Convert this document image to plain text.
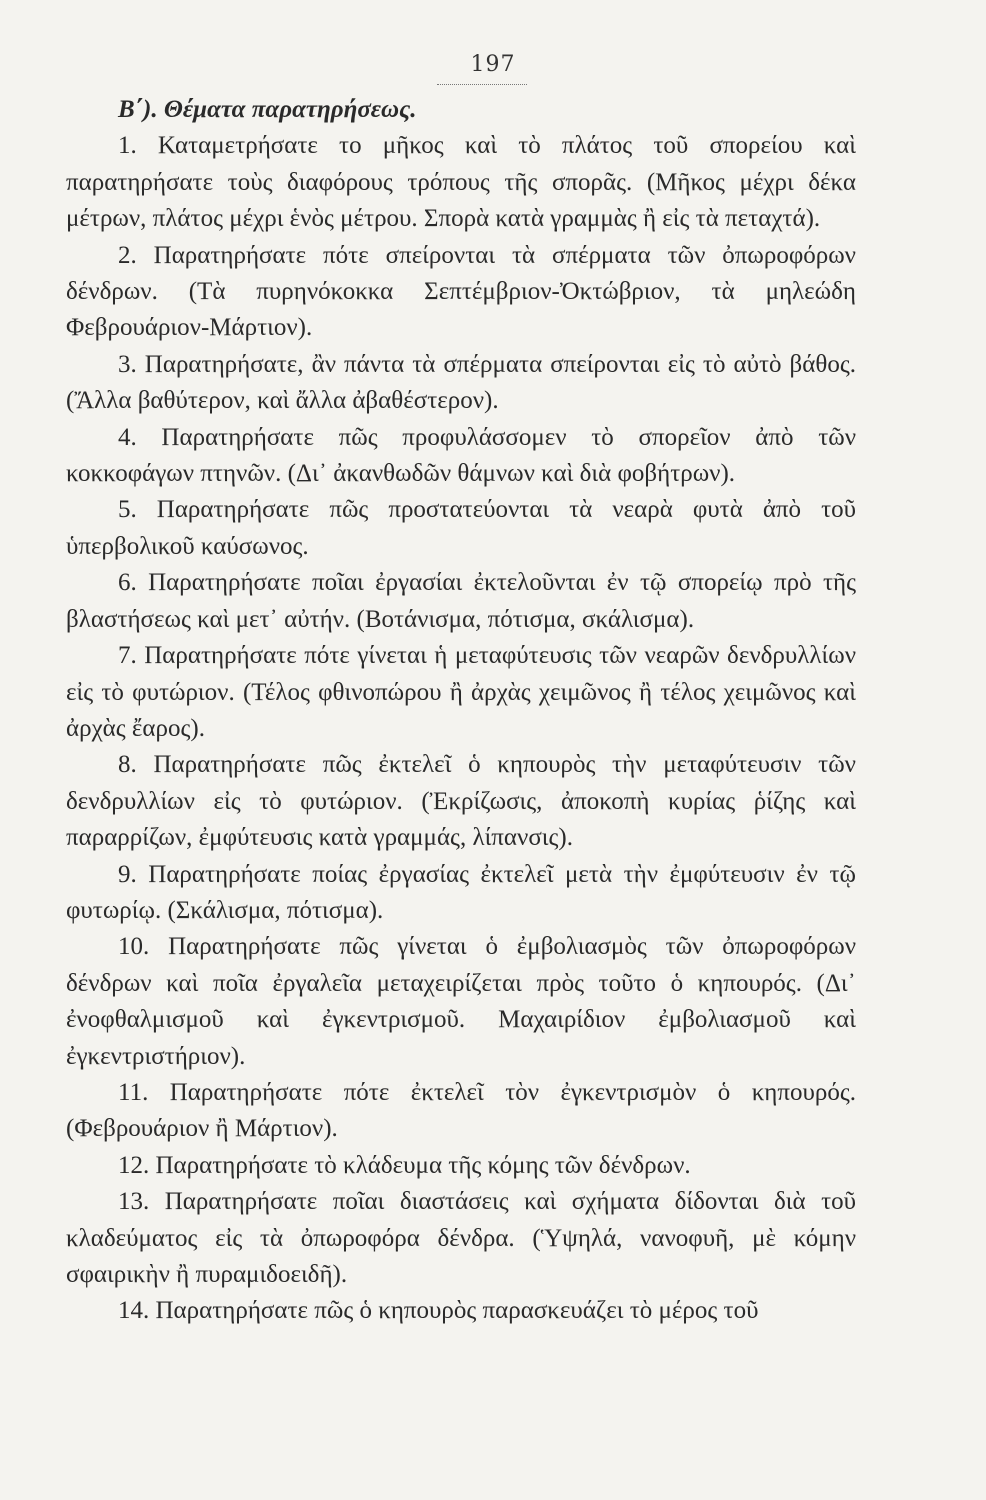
197

Β΄). Θέματα παρατηρήσεως.

1. Καταμετρήσατε το μῆκος καὶ τὸ πλάτος τοῦ σπορείου καὶ παρατηρήσατε τοὺς διαφόρους τρόπους τῆς σπορᾶς. (Μῆκος μέχρι δέκα μέτρων, πλάτος μέχρι ἑνὸς μέτρου. Σπορὰ κατὰ γραμμὰς ἢ εἰς τὰ πεταχτά).

2. Παρατηρήσατε πότε σπείρονται τὰ σπέρματα τῶν ὀπωροφόρων δένδρων. (Τὰ πυρηνόκοκκα Σεπτέμβριον-Ὀκτώβριον, τὰ μηλεώδη Φεβρουάριον-Μάρτιον).

3. Παρατηρήσατε, ἂν πάντα τὰ σπέρματα σπείρονται εἰς τὸ αὐτὸ βάθος. (Ἄλλα βαθύτερον, καὶ ἄλλα ἀβαθέστερον).

4. Παρατηρήσατε πῶς προφυλάσσομεν τὸ σπορεῖον ἀπὸ τῶν κοκκοφάγων πτηνῶν. (Δι᾽ ἀκανθωδῶν θάμνων καὶ διὰ φοβήτρων).

5. Παρατηρήσατε πῶς προστατεύονται τὰ νεαρὰ φυτὰ ἀπὸ τοῦ ὑπερβολικοῦ καύσωνος.

6. Παρατηρήσατε ποῖαι ἐργασίαι ἐκτελοῦνται ἐν τῷ σπορείῳ πρὸ τῆς βλαστήσεως καὶ μετ᾽ αὐτήν. (Βοτάνισμα, πότισμα, σκάλισμα).

7. Παρατηρήσατε πότε γίνεται ἡ μεταφύτευσις τῶν νεαρῶν δενδρυλλίων εἰς τὸ φυτώριον. (Τέλος φθινοπώρου ἢ ἀρχὰς χειμῶνος ἢ τέλος χειμῶνος καὶ ἀρχὰς ἔαρος).

8. Παρατηρήσατε πῶς ἐκτελεῖ ὁ κηπουρὸς τὴν μεταφύτευσιν τῶν δενδρυλλίων εἰς τὸ φυτώριον. (Ἐκρίζωσις, ἀποκοπὴ κυρίας ῥίζης καὶ παραρρίζων, ἐμφύτευσις κατὰ γραμμάς, λίπανσις).

9. Παρατηρήσατε ποίας ἐργασίας ἐκτελεῖ μετὰ τὴν ἐμφύτευσιν ἐν τῷ φυτωρίῳ. (Σκάλισμα, πότισμα).

10. Παρατηρήσατε πῶς γίνεται ὁ ἐμβολιασμὸς τῶν ὀπωροφόρων δένδρων καὶ ποῖα ἐργαλεῖα μεταχειρίζεται πρὸς τοῦτο ὁ κηπουρός. (Δι᾽ ἐνοφθαλμισμοῦ καὶ ἐγκεντρισμοῦ. Μαχαιρίδιον ἐμβολιασμοῦ καὶ ἐγκεντριστήριον).

11. Παρατηρήσατε πότε ἐκτελεῖ τὸν ἐγκεντρισμὸν ὁ κηπουρός. (Φεβρουάριον ἢ Μάρτιον).

12. Παρατηρήσατε τὸ κλάδευμα τῆς κόμης τῶν δένδρων.

13. Παρατηρήσατε ποῖαι διαστάσεις καὶ σχήματα δίδονται διὰ τοῦ κλαδεύματος εἰς τὰ ὀπωροφόρα δένδρα. (Ὑψηλά, νανοφυῆ, μὲ κόμην σφαιρικὴν ἢ πυραμιδοειδῆ).

14. Παρατηρήσατε πῶς ὁ κηπουρὸς παρασκευάζει τὸ μέρος τοῦ
